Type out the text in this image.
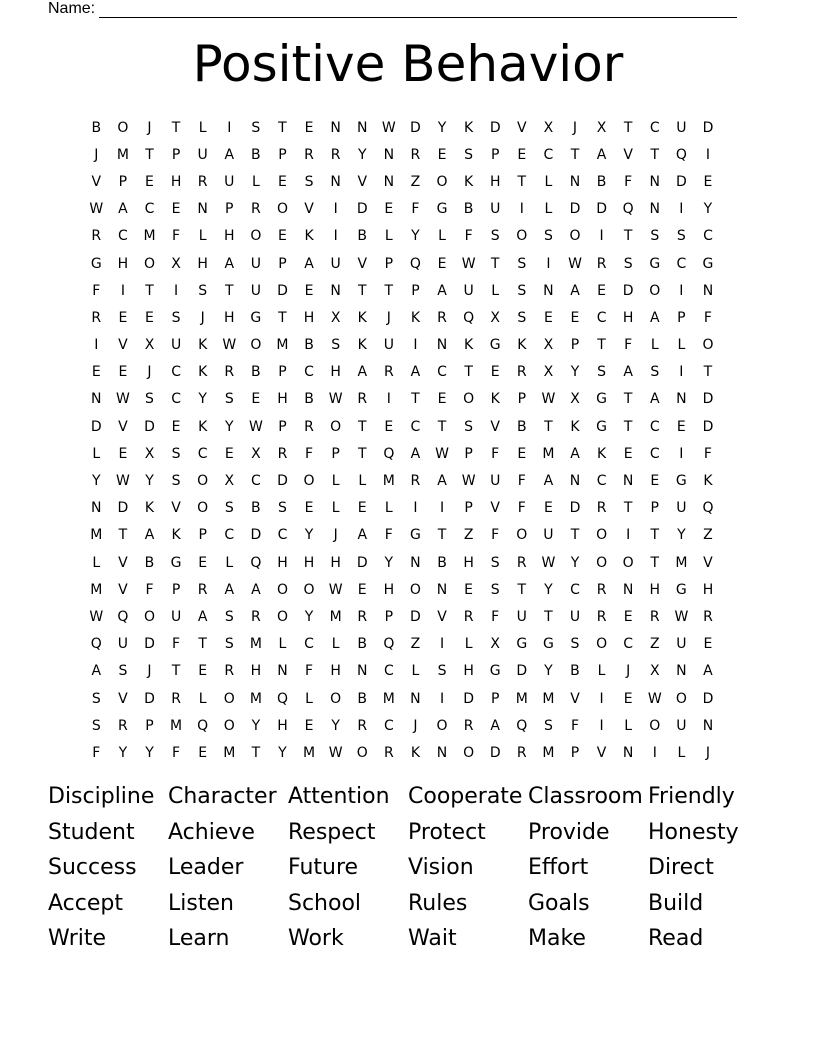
Name:
Positive Behavior
B	O	J	T	L	I	S	T	E	N	N	W	D	Y	K	D	V	X	J	X	T	C	U	D
J	M	T	P	U	A	B	P	R	R	Y	N	R	E	S	P	E	C	T	A	V	T	Q	I
V	P	E	H	R	U	L	E	S	N	V	N	Z	O	K	H	T	L	N	B	F	N	D	E
W	A	C	E	N	P	R	O	V	I	D	E	F	G	B	U	I	L	D	D	Q	N	I	Y
R	C	M	F	L	H	O	E	K	I	B	L	Y	L	F	S	O	S	O	I	T	S	S	C
G	H	O	X	H	A	U	P	A	U	V	P	Q	E	W	T	S	I	W	R	S	G	C	G
F	I	T	I	S	T	U	D	E	N	T	T	P	A	U	L	S	N	A	E	D	O	I	N
R	E	E	S	J	H	G	T	H	X	K	J	K	R	Q	X	S	E	E	C	H	A	P	F
I	V	X	U	K	W	O	M	B	S	K	U	I	N	K	G	K	X	P	T	F	L	L	O
E	E	J	C	K	R	B	P	C	H	A	R	A	C	T	E	R	X	Y	S	A	S	I	T
N	W	S	C	Y	S	E	H	B	W	R	I	T	E	O	K	P	W	X	G	T	A	N	D
D	V	D	E	K	Y	W	P	R	O	T	E	C	T	S	V	B	T	K	G	T	C	E	D
L	E	X	S	C	E	X	R	F	P	T	Q	A	W	P	F	E	M	A	K	E	C	I	F
Y	W	Y	S	O	X	C	D	O	L	L	M	R	A	W	U	F	A	N	C	N	E	G	K
N	D	K	V	O	S	B	S	E	L	E	L	I	I	P	V	F	E	D	R	T	P	U	Q
M	T	A	K	P	C	D	C	Y	J	A	F	G	T	Z	F	O	U	T	O	I	T	Y	Z
L	V	B	G	E	L	Q	H	H	H	D	Y	N	B	H	S	R	W	Y	O	O	T	M	V
M	V	F	P	R	A	A	O	O	W	E	H	O	N	E	S	T	Y	C	R	N	H	G	H
W	Q	O	U	A	S	R	O	Y	M	R	P	D	V	R	F	U	T	U	R	E	R	W	R
Q	U	D	F	T	S	M	L	C	L	B	Q	Z	I	L	X	G	G	S	O	C	Z	U	E
A	S	J	T	E	R	H	N	F	H	N	C	L	S	H	G	D	Y	B	L	J	X	N	A
S	V	D	R	L	O	M	Q	L	O	B	M	N	I	D	P	M	M	V	I	E	W	O	D
S	R	P	M	Q	O	Y	H	E	Y	R	C	J	O	R	A	Q	S	F	I	L	O	U	N
F	Y	Y	F	E	M	T	Y	M W	O	R	K	N	O	D	R	M	P	V	N	I	L	J
Discipline Character Attention Cooperate Classroom Friendly
Student	Achieve	Respect	Protect	Provide	Honesty
Success	Leader	Future	Vision	Effort	Direct
Accept	Listen	School	Rules	Goals	Build
Write	Learn	Work	Wait	Make	Read
